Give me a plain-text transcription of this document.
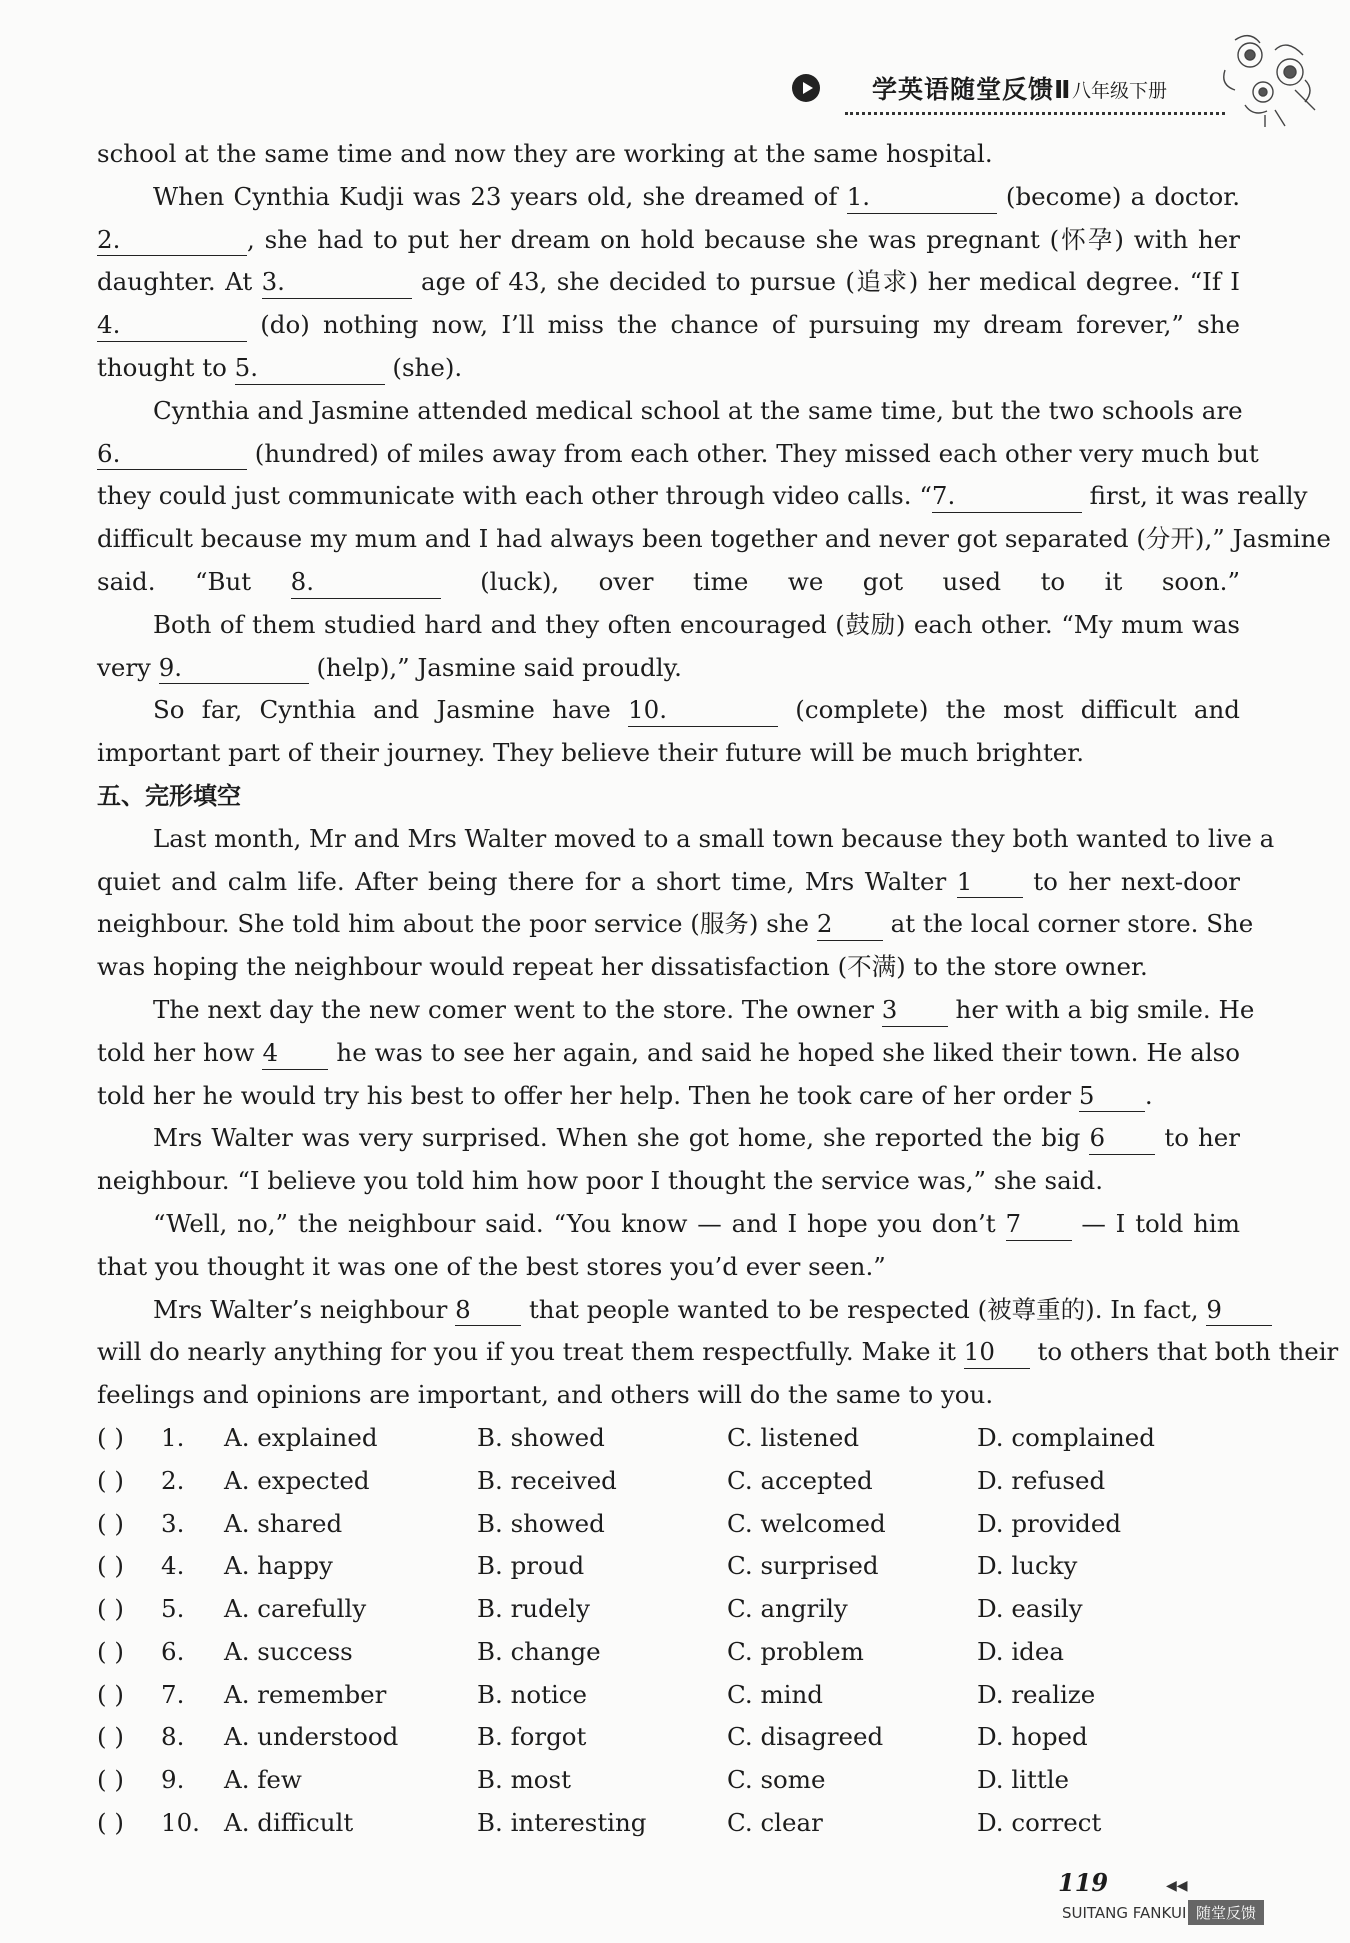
学英语随堂反馈Ⅱ 八年级下册

school at the same time and now they are working at the same hospital.

When Cynthia Kudji was 23 years old, she dreamed of 1.	(become) a doctor.

2.	, she had to put her dream on hold because she was pregnant (怀孕) with her

daughter. At 3.	age of 43, she decided to pursue (追求) her medical degree. “If I

4.	(do) nothing now, I’ll miss the chance of pursuing my dream forever,” she

thought to 5.	(she).

Cynthia and Jasmine attended medical school at the same time, but the two schools are

6.	(hundred) of miles away from each other. They missed each other very much but

they could just communicate with each other through video calls. “7.	first, it was really

difficult because my mum and I had always been together and never got separated (分开),” Jasmine

said. “But 8.	(luck), over time we got used to it soon.”

Both of them studied hard and they often encouraged (鼓励) each other. “My mum was

very 9.	(help),” Jasmine said proudly.

So far, Cynthia and Jasmine have 10.	(complete) the most difficult and

important part of their journey. They believe their future will be much brighter.

五、完形填空

Last month, Mr and Mrs Walter moved to a small town because they both wanted to live a

quiet and calm life. After being there for a short time, Mrs Walter 1 to her next-door

neighbour. She told him about the poor service (服务) she 2 at the local corner store. She

was hoping the neighbour would repeat her dissatisfaction (不满) to the store owner.

The next day the new comer went to the store. The owner 3 her with a big smile. He

told her how 4 he was to see her again, and said he hoped she liked their town. He also

told her he would try his best to offer her help. Then he took care of her order 5 .

Mrs Walter was very surprised. When she got home, she reported the big 6 to her

neighbour. “I believe you told him how poor I thought the service was,” she said.

“Well, no,” the neighbour said. “You know — and I hope you don’t 7 — I told him

that you thought it was one of the best stores you’d ever seen.”

Mrs Walter’s neighbour 8 that people wanted to be respected (被尊重的). In fact, 9

will do nearly anything for you if you treat them respectfully. Make it 10 to others that both their

feelings and opinions are important, and others will do the same to you.

( ) 1. A. explained	B. showed	C. listened	D. complained
( ) 2. A. expected	B. received	C. accepted	D. refused
( ) 3. A. shared	B. showed	C. welcomed	D. provided
( ) 4. A. happy	B. proud	C. surprised	D. lucky
( ) 5. A. carefully	B. rudely	C. angrily	D. easily
( ) 6. A. success	B. change	C. problem	D. idea
( ) 7. A. remember	B. notice	C. mind	D. realize
( ) 8. A. understood	B. forgot	C. disagreed	D. hoped
( ) 9. A. few	B. most	C. some	D. little
( ) 10. A. difficult	B. interesting	C. clear	D. correct
119	◀◀
SUITANG FANKUI 随堂反馈
